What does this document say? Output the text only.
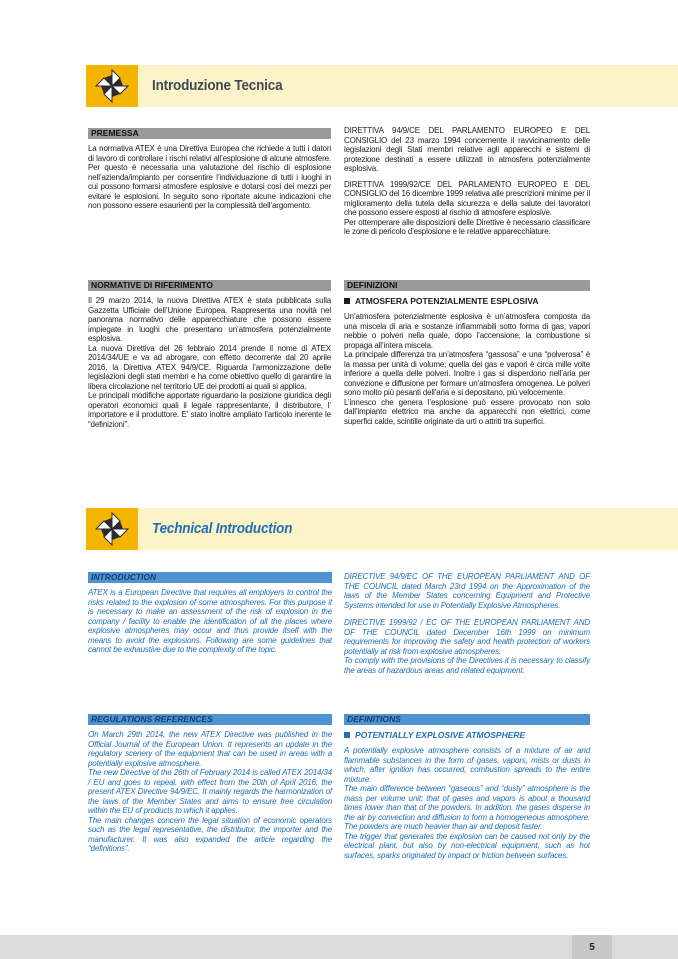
Introduzione Tecnica
PREMESSA

La normativa ATEX è una Direttiva Europea che richiede a tutti i datori di lavoro di controllare i rischi relativi all’esplosione di alcune atmosfere. Per questo è necessaria una valutazione del rischio di esplosione nell’azienda/impianto per consentire l’individuazione di tutti i luoghi in cui possono formarsi atmosfere esplosive e dotarsi così dei mezzi per evitare le esplosioni. In seguito sono riportate alcune indicazioni che non possono essere esaurienti per la complessità dell’argomento.

DIRETTIVA 94/9/CE DEL PARLAMENTO EUROPEO E DEL CONSIGLIO del 23 marzo 1994 concernente il ravvicinamento delle legislazioni degli Stati membri relative agli apparecchi e sistemi di protezione destinati a essere utilizzati in atmosfera potenzialmente esplosiva.

DIRETTIVA 1999/92/CE DEL PARLAMENTO EUROPEO E DEL CONSIGLIO del 16 dicembre 1999 relativa alle prescrizioni minime per il miglioramento della tutela della sicurezza e della salute dei lavoratori che possono essere esposti al rischio di atmosfere esplosive.

Per ottemperare alle disposizioni delle Direttive è necessario classificare le zone di pericolo d’esplosione e le relative apparecchiature.

NORMATIVE DI RIFERIMENTO

Il 29 marzo 2014, la nuova Direttiva ATEX è stata pubblicata sulla Gazzetta Ufficiale dell’Unione Europea. Rappresenta una novità nel panorama normativo delle apparecchiature che possono essere impiegate in luoghi che presentano un’atmosfera potenzialmente esplosiva.

La nuova Direttiva del 26 febbraio 2014 prende il nome di ATEX 2014/34/UE e va ad abrogare, con effetto decorrente dal 20 aprile 2016, la Direttiva ATEX 94/9/CE. Riguarda l’armonizzazione delle legislazioni degli stati membri e ha come obiettivo quello di garantire la libera circolazione nel territorio UE dei prodotti ai quali si applica.

Le principali modifiche apportate riguardano la posizione giuridica degli operatori economici quali il legale rappresentante, il distributore, l’ importatore e il produttore. E’ stato inoltre ampliato l’articolo inerente le “definizioni”.

DEFINIZIONI
ATMOSFERA POTENZIALMENTE ESPLOSIVA

Un’atmosfera potenzialmente esplosiva è un’atmosfera composta da una miscela di aria e sostanze infiammabili sotto forma di gas, vapori nebbie o polveri nella quale, dopo l’accensione, la combustione si propaga all’intera miscela.

La principale differenza tra un’atmosfera “gassosa” e una “polverosa” è la massa per unità di volume; quella dei gas e vapori è circa mille volte inferiore a quella delle polveri. Inoltre i gas si disperdono nell’aria per convezione e diffusione per formare un’atmosfera omogenea. Le polveri sono molto più pesanti dell’aria e si depositano, più velocemente.

L’innesco che genera l’esplosione può essere provocato non solo dall’impianto elettrico ma anche da apparecchi non elettrici, come superfici calde, scintille originate da urti o attriti tra superfici.

Technical Introduction
INTRODUCTION

ATEX is a European Directive that requires all employers to control the risks related to the explosion of some atmospheres. For this purpose it is necessary to make an assessment of the risk of explosion in the company / facility to enable the identification of all the places where explosive atmospheres may occur and thus provide itself with the means to avoid the explosions. Following are some guidelines that cannot be exhaustive due to the complexity of the topic.

DIRECTIVE 94/9/EC OF THE EUROPEAN PARLIAMENT AND OF THE COUNCIL dated March 23rd 1994 on the Approximation of the laws of the Member States concerning Equipment and Protective Systems intended for use in Potentially Explosive Atmospheres.

DIRECTIVE 1999/92 / EC OF THE EUROPEAN PARLIAMENT AND OF THE COUNCIL dated December 16th 1999 on minimum requirements for improving the safety and health protection of workers potentially at risk from explosive atmospheres.

To comply with the provisions of the Directives it is necessary to classify the areas of hazardous areas and related equipment.

REGULATIONS REFERENCES

On March 29th 2014, the new ATEX Directive was published in the Official Journal of the European Union. It represents an update in the regulatory scenery of the equipment that can be used in areas with a potentially explosive atmosphere.

The new Directive of the 26th of February 2014 is called ATEX 2014/34 / EU and goes to repeal, with effect from the 20th of April 2016, the present ATEX Directive 94/9/EC. It mainly regards the harmonization of the laws of the Member States and aims to ensure free circulation within the EU of products to which it applies.

The main changes concern the legal situation of economic operators such as the legal representative, the distributor, the importer and the manufacturer. It was also expanded the article regarding the “definitions”.

DEFINITIONS
POTENTIALLY EXPLOSIVE ATMOSPHERE

A potentially explosive atmosphere consists of a mixture of air and flammable substances in the form of gases, vapors, mists or dusts in which, after ignition has occurred, combustion spreads to the entire mixture.

The main difference between “gaseous” and “dusty” atmosphere is the mass per volume unit; that of gases and vapors is about a thousand times lower than that of the powders. In addition, the gases disperse in the air by convection and diffusion to form a homogeneous atmosphere. The powders are much heavier than air and deposit faster.

The trigger that generates the explosion can be caused not only by the electrical plant, but also by non-electrical equipment, such as hot surfaces, sparks originated by impact or friction between surfaces.

5
